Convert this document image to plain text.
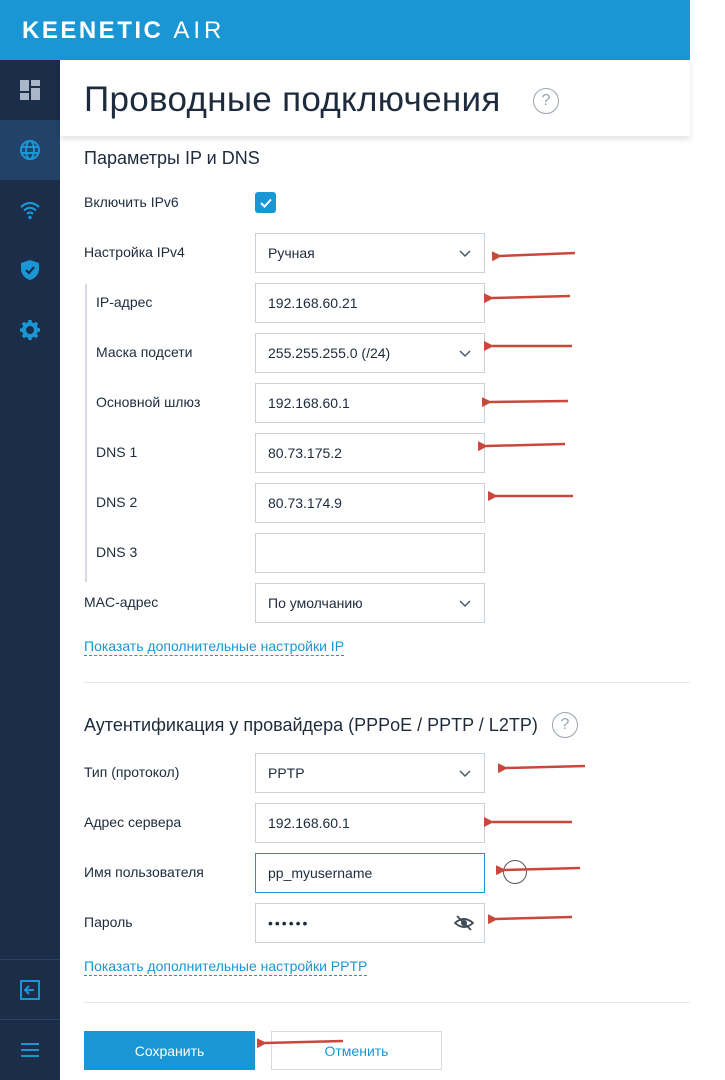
KEENETIC AIR
Проводные подключения	?
Параметры IP и DNS
Включить IPv6
Настройка IPv4	Ручная
IP-адрес	192.168.60.21
Маска подсети	255.255.255.0 (/24)
Основной шлюз	192.168.60.1
DNS 1	80.73.175.2
DNS 2	80.73.174.9
DNS 3
MAC-адрес	По умолчанию
Показать дополнительные настройки IP
Аутентификация у провайдера (PPPoE / PPTP / L2TP)	?
Тип (протокол)	PPTP
Адрес сервера	192.168.60.1
Имя пользователя	pp_myusername
Пароль	••••••
Показать дополнительные настройки PPTP
Сохранить	Отменить
